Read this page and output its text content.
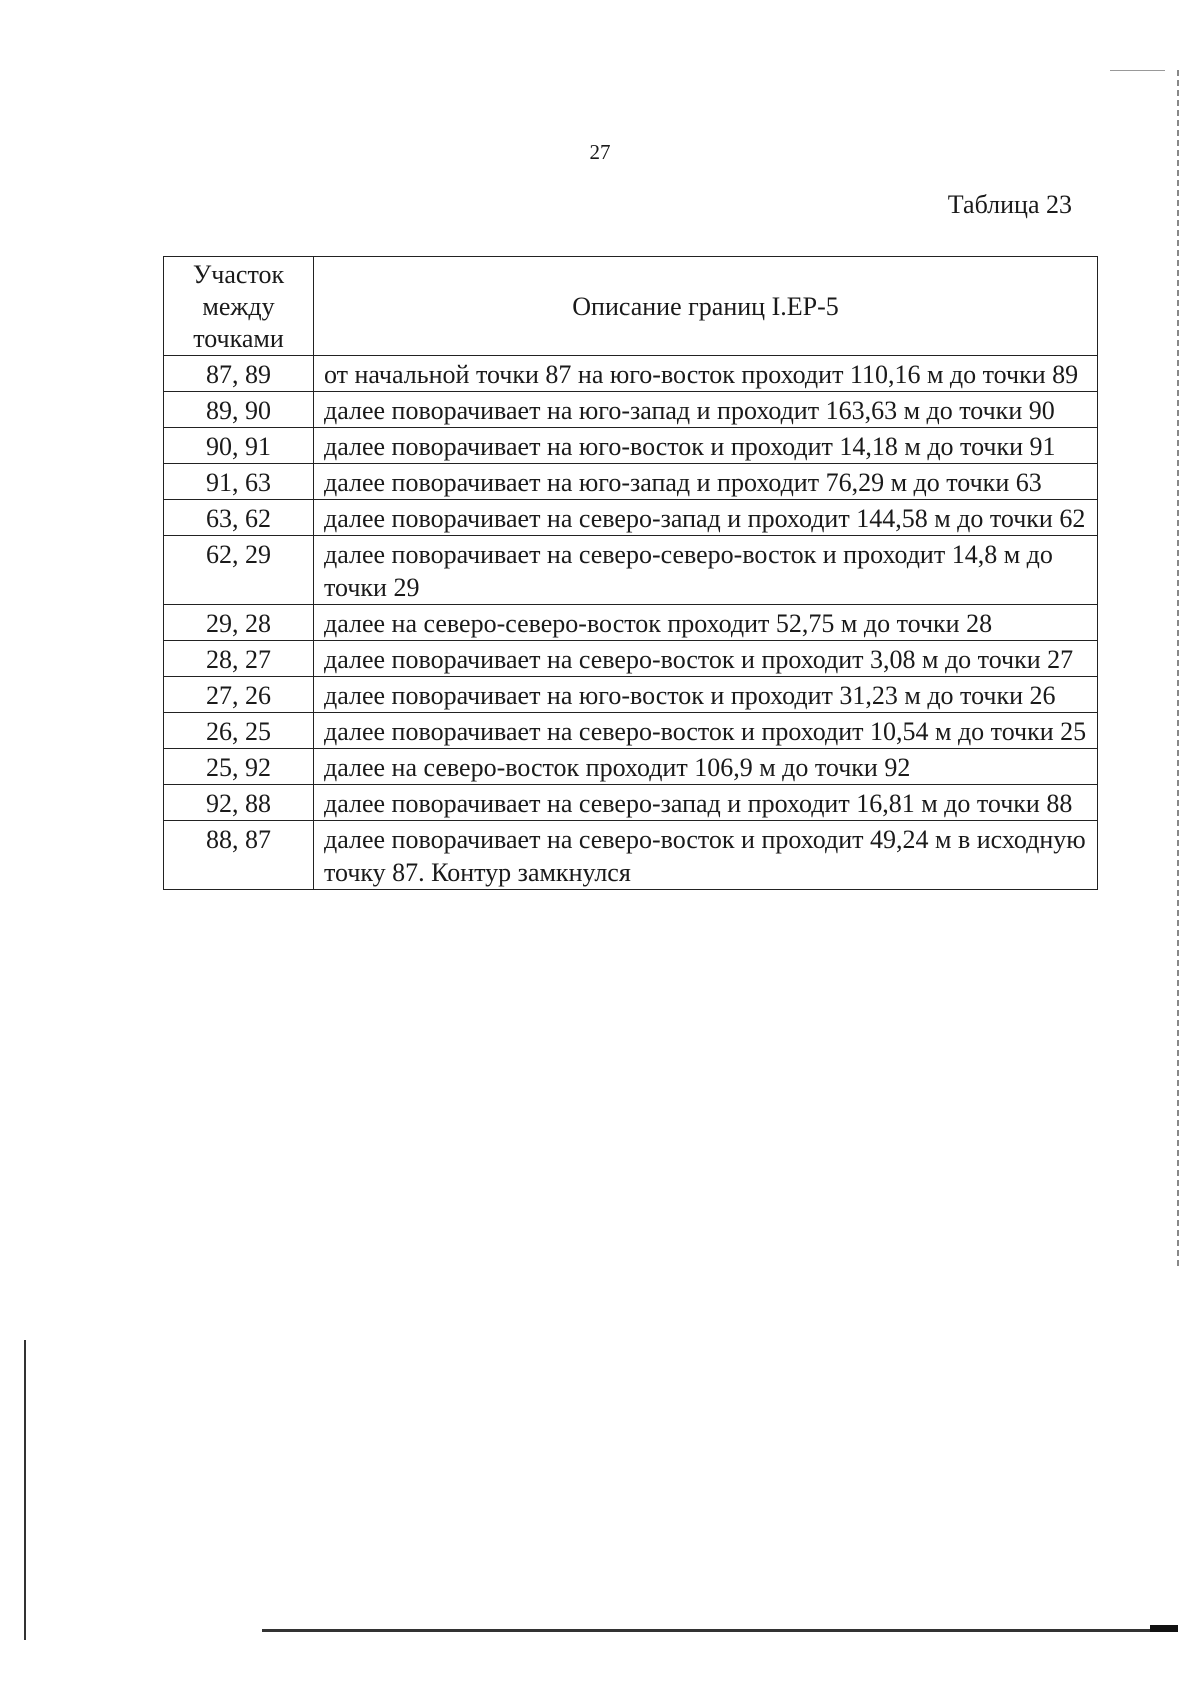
27
Таблица 23
Участок
между
точками	Описание границ I.EP-5
87, 89	от начальной точки 87 на юго-восток проходит 110,16 м до точки 89
89, 90	далее поворачивает на юго-запад и проходит 163,63 м до точки 90
90, 91	далее поворачивает на юго-восток и проходит 14,18 м до точки 91
91, 63	далее поворачивает на юго-запад и проходит 76,29 м до точки 63
63, 62	далее поворачивает на северо-запад и проходит 144,58 м до точки 62
62, 29	далее поворачивает на северо-северо-восток и проходит 14,8 м до точки 29
29, 28	далее на северо-северо-восток проходит 52,75 м до точки 28
28, 27	далее поворачивает на северо-восток и проходит 3,08 м до точки 27
27, 26	далее поворачивает на юго-восток и проходит 31,23 м до точки 26
26, 25	далее поворачивает на северо-восток и проходит 10,54 м до точки 25
25, 92	далее на северо-восток проходит 106,9 м до точки 92
92, 88	далее поворачивает на северо-запад и проходит 16,81 м до точки 88
88, 87	далее поворачивает на северо-восток и проходит 49,24 м в исходную точку 87. Контур замкнулся
